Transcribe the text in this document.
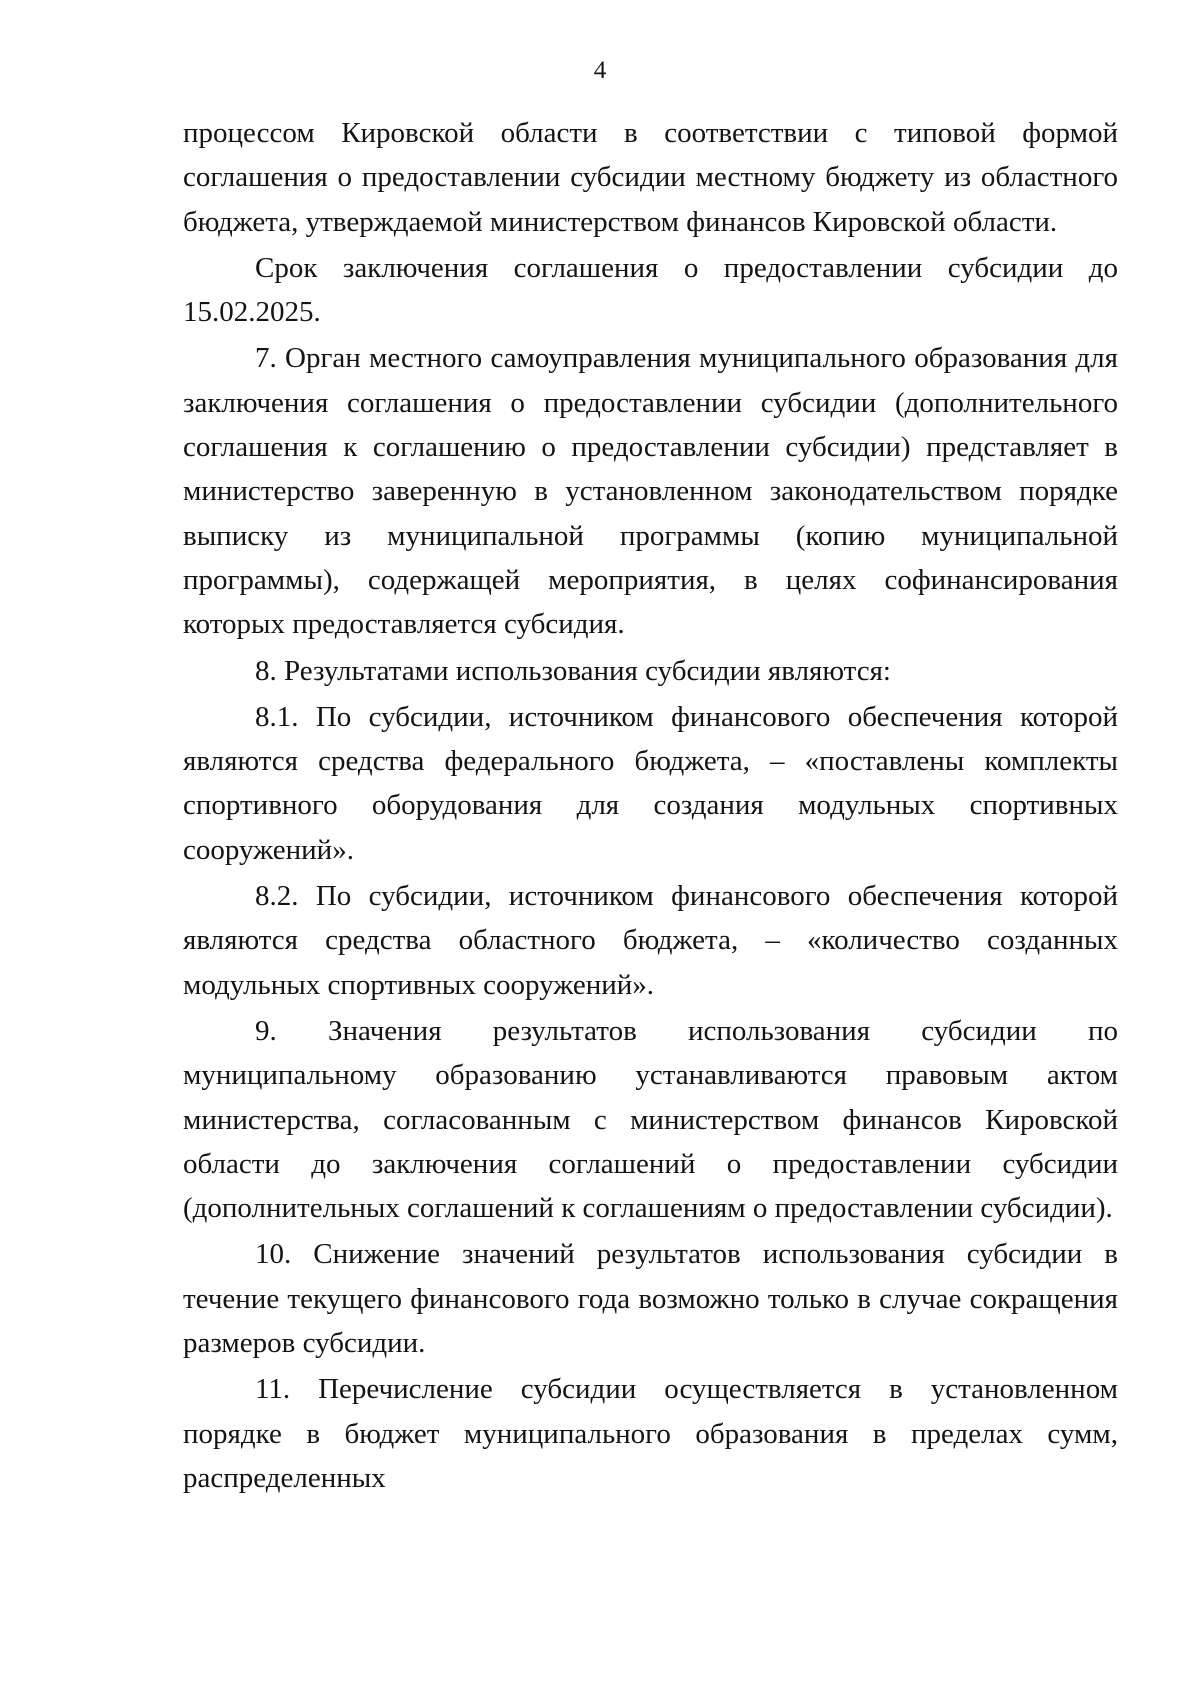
4

процессом Кировской области в соответствии с типовой формой соглашения о предоставлении субсидии местному бюджету из областного бюджета, утверждаемой министерством финансов Кировской области.

Срок заключения соглашения о предоставлении субсидии до 15.02.2025.

7. Орган местного самоуправления муниципального образования для заключения соглашения о предоставлении субсидии (дополнительного соглашения к соглашению о предоставлении субсидии) представляет в министерство заверенную в установленном законодательством порядке выписку из муниципальной программы (копию муниципальной программы), содержащей мероприятия, в целях софинансирования которых предоставляется субсидия.

8. Результатами использования субсидии являются:

8.1. По субсидии, источником финансового обеспечения которой являются средства федерального бюджета, – «поставлены комплекты спортивного оборудования для создания модульных спортивных сооружений».

8.2. По субсидии, источником финансового обеспечения которой являются средства областного бюджета, – «количество созданных модульных спортивных сооружений».

9. Значения результатов использования субсидии по муниципальному образованию устанавливаются правовым актом министерства, согласованным с министерством финансов Кировской области до заключения соглашений о предоставлении субсидии (дополнительных соглашений к соглашениям о предоставлении субсидии).

10. Снижение значений результатов использования субсидии в течение текущего финансового года возможно только в случае сокращения размеров субсидии.

11. Перечисление субсидии осуществляется в установленном порядке в бюджет муниципального образования в пределах сумм, распределенных
